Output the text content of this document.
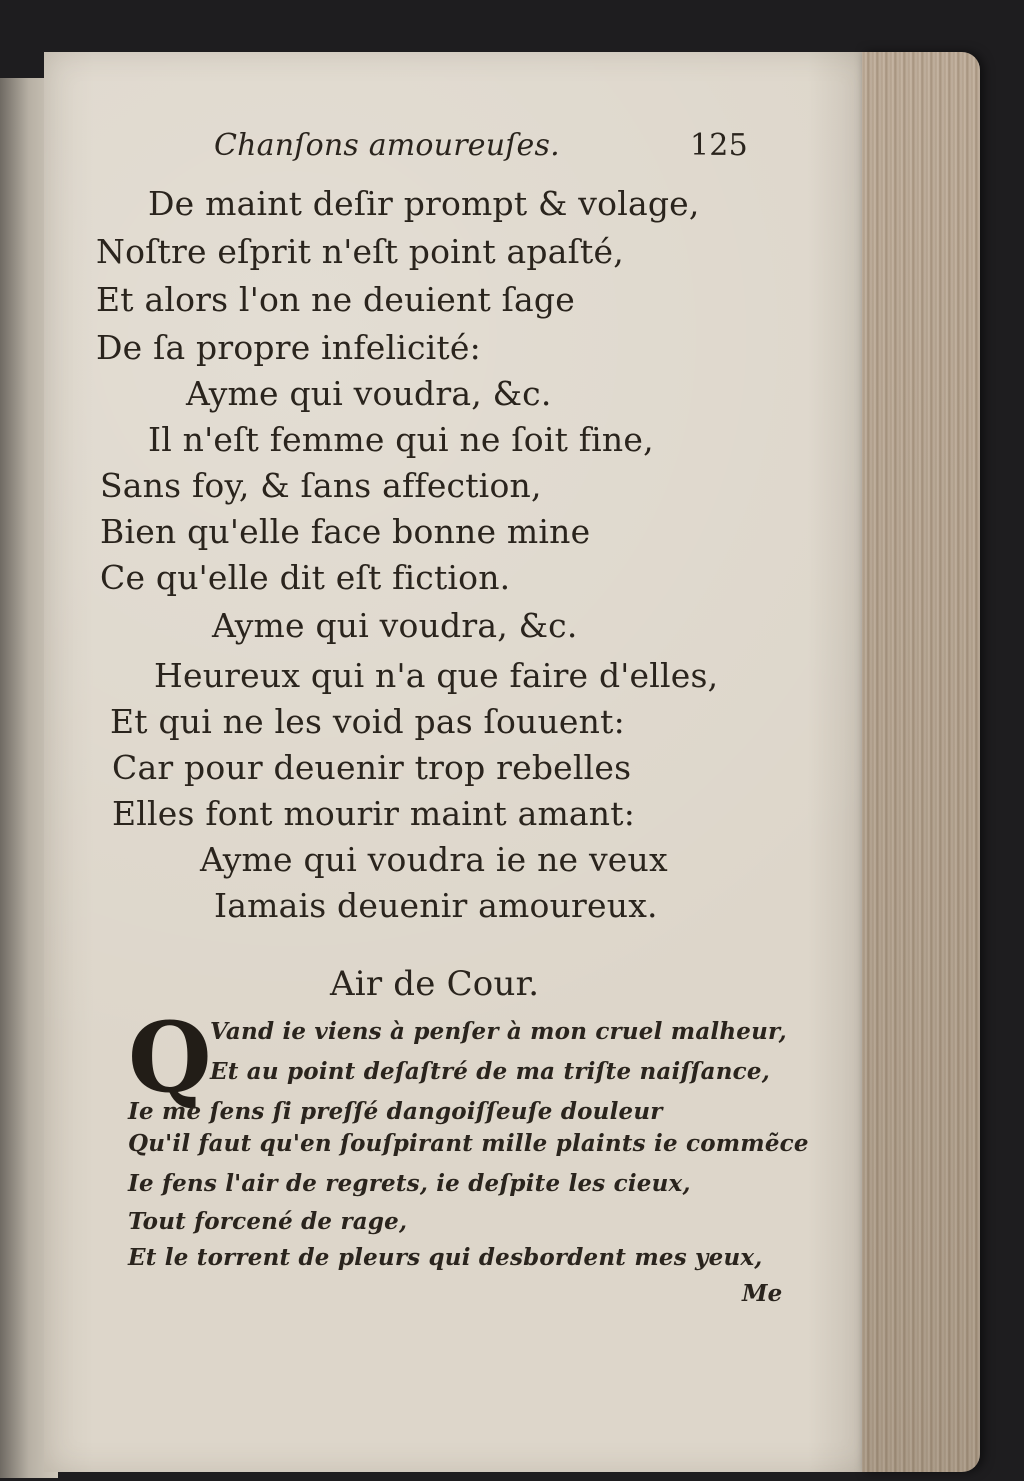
Chanſons amoureuſes.	125
De maint deſir prompt & volage,
Noſtre eſprit n'eſt point apaſté,
Et alors l'on ne deuient ſage
De ſa propre infelicité:
Ayme qui voudra, &c.
Il n'eſt femme qui ne ſoit fine,
Sans foy, & ſans affection,
Bien qu'elle face bonne mine
Ce qu'elle dit eſt fiction.
Ayme qui voudra, &c.
Heureux qui n'a que faire d'elles,
Et qui ne les void pas ſouuent:
Car pour deuenir trop rebelles
Elles font mourir maint amant:
Ayme qui voudra ie ne veux
Iamais deuenir amoureux.
Air de Cour.
Q
Vand ie viens à penſer à mon cruel malheur,
Et au point deſaſtré de ma triſte naiſſance,
Ie me ſens ſi preſſé dangoiſſeuſe douleur
Qu'il faut qu'en ſouſpirant mille plaints ie commẽce
Ie fens l'air de regrets, ie deſpite les cieux,
Tout forcené de rage,
Et le torrent de pleurs qui desbordent mes yeux,
Me
